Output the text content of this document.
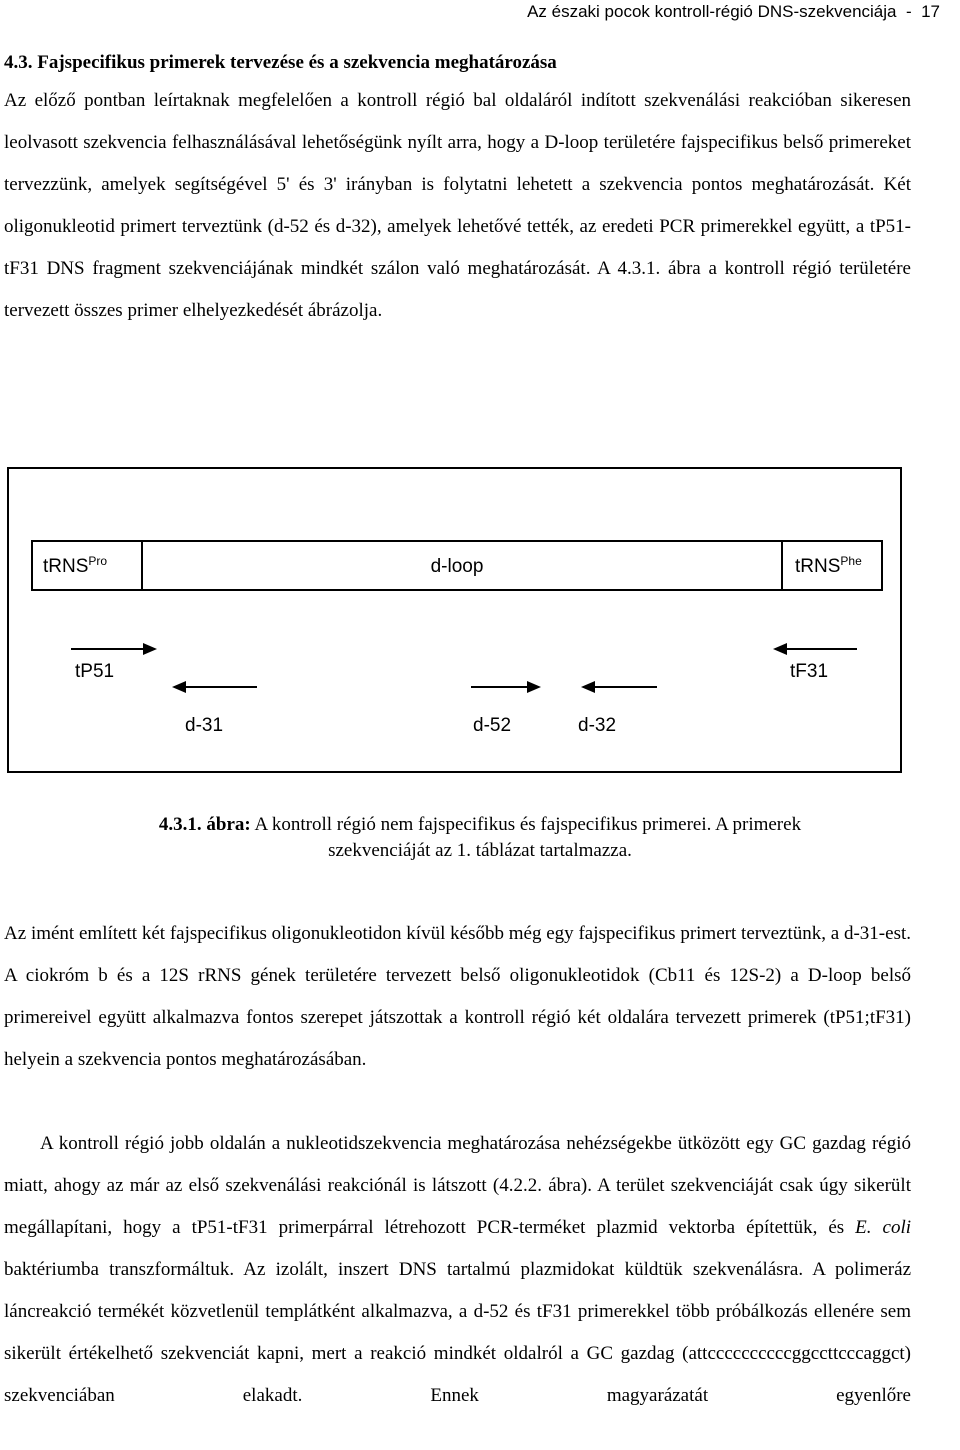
Az északi pocok kontroll-régió DNS-szekvenciája - 17
4.3. Fajspecifikus primerek tervezése és a szekvencia meghatározása

Az előző pontban leírtaknak megfelelően a kontroll régió bal oldaláról indított szekvenálási reakcióban sikeresen leolvasott szekvencia felhasználásával lehetőségünk nyílt arra, hogy a D-loop területére fajspecifikus belső primereket tervezzünk, amelyek segítségével 5' és 3' irányban is folytatni lehetett a szekvencia pontos meghatározását. Két oligonukleotid primert terveztünk (d-52 és d-32), amelyek lehetővé tették, az eredeti PCR primerekkel együtt, a tP51-tF31 DNS fragment szekvenciájának mindkét szálon való meghatározását. A 4.3.1. ábra a kontroll régió területére tervezett összes primer elhelyezkedését ábrázolja.

tRNS$^{Pro}$	d-loop	tRNS$^{Phe}$
tP51	tF31
d-31	d-52	d-32
4.3.1. ábra: A kontroll régió nem fajspecifikus és fajspecifikus primerei. A primerek
szekvenciáját az 1. táblázat tartalmazza.

Az imént említett két fajspecifikus oligonukleotidon kívül később még egy fajspecifikus primert terveztünk, a d-31-est. A ciokróm b és a 12S rRNS gének területére tervezett belső oligonukleotidok (Cb11 és 12S-2) a D-loop belső primereivel együtt alkalmazva fontos szerepet játszottak a kontroll régió két oldalára tervezett primerek (tP51;tF31) helyein a szekvencia pontos meghatározásában.

A kontroll régió jobb oldalán a nukleotidszekvencia meghatározása nehézségekbe ütközött egy GC gazdag régió miatt, ahogy az már az első szekvenálási reakciónál is látszott (4.2.2. ábra). A terület szekvenciáját csak úgy sikerült megállapítani, hogy a tP51-tF31 primerpárral létrehozott PCR-terméket plazmid vektorba építettük, és E. coli baktériumba transzformáltuk. Az izolált, inszert DNS tartalmú plazmidokat küldtük szekvenálásra. A polimeráz láncreakció termékét közvetlenül templátként alkalmazva, a d-52 és tF31 primerekkel több próbálkozás ellenére sem sikerült értékelhető szekvenciát kapni, mert a reakció mindkét oldalról a GC gazdag (attccccccccccggccttcccaggct) szekvenciában elakadt. Ennek magyarázatát egyenlőre
